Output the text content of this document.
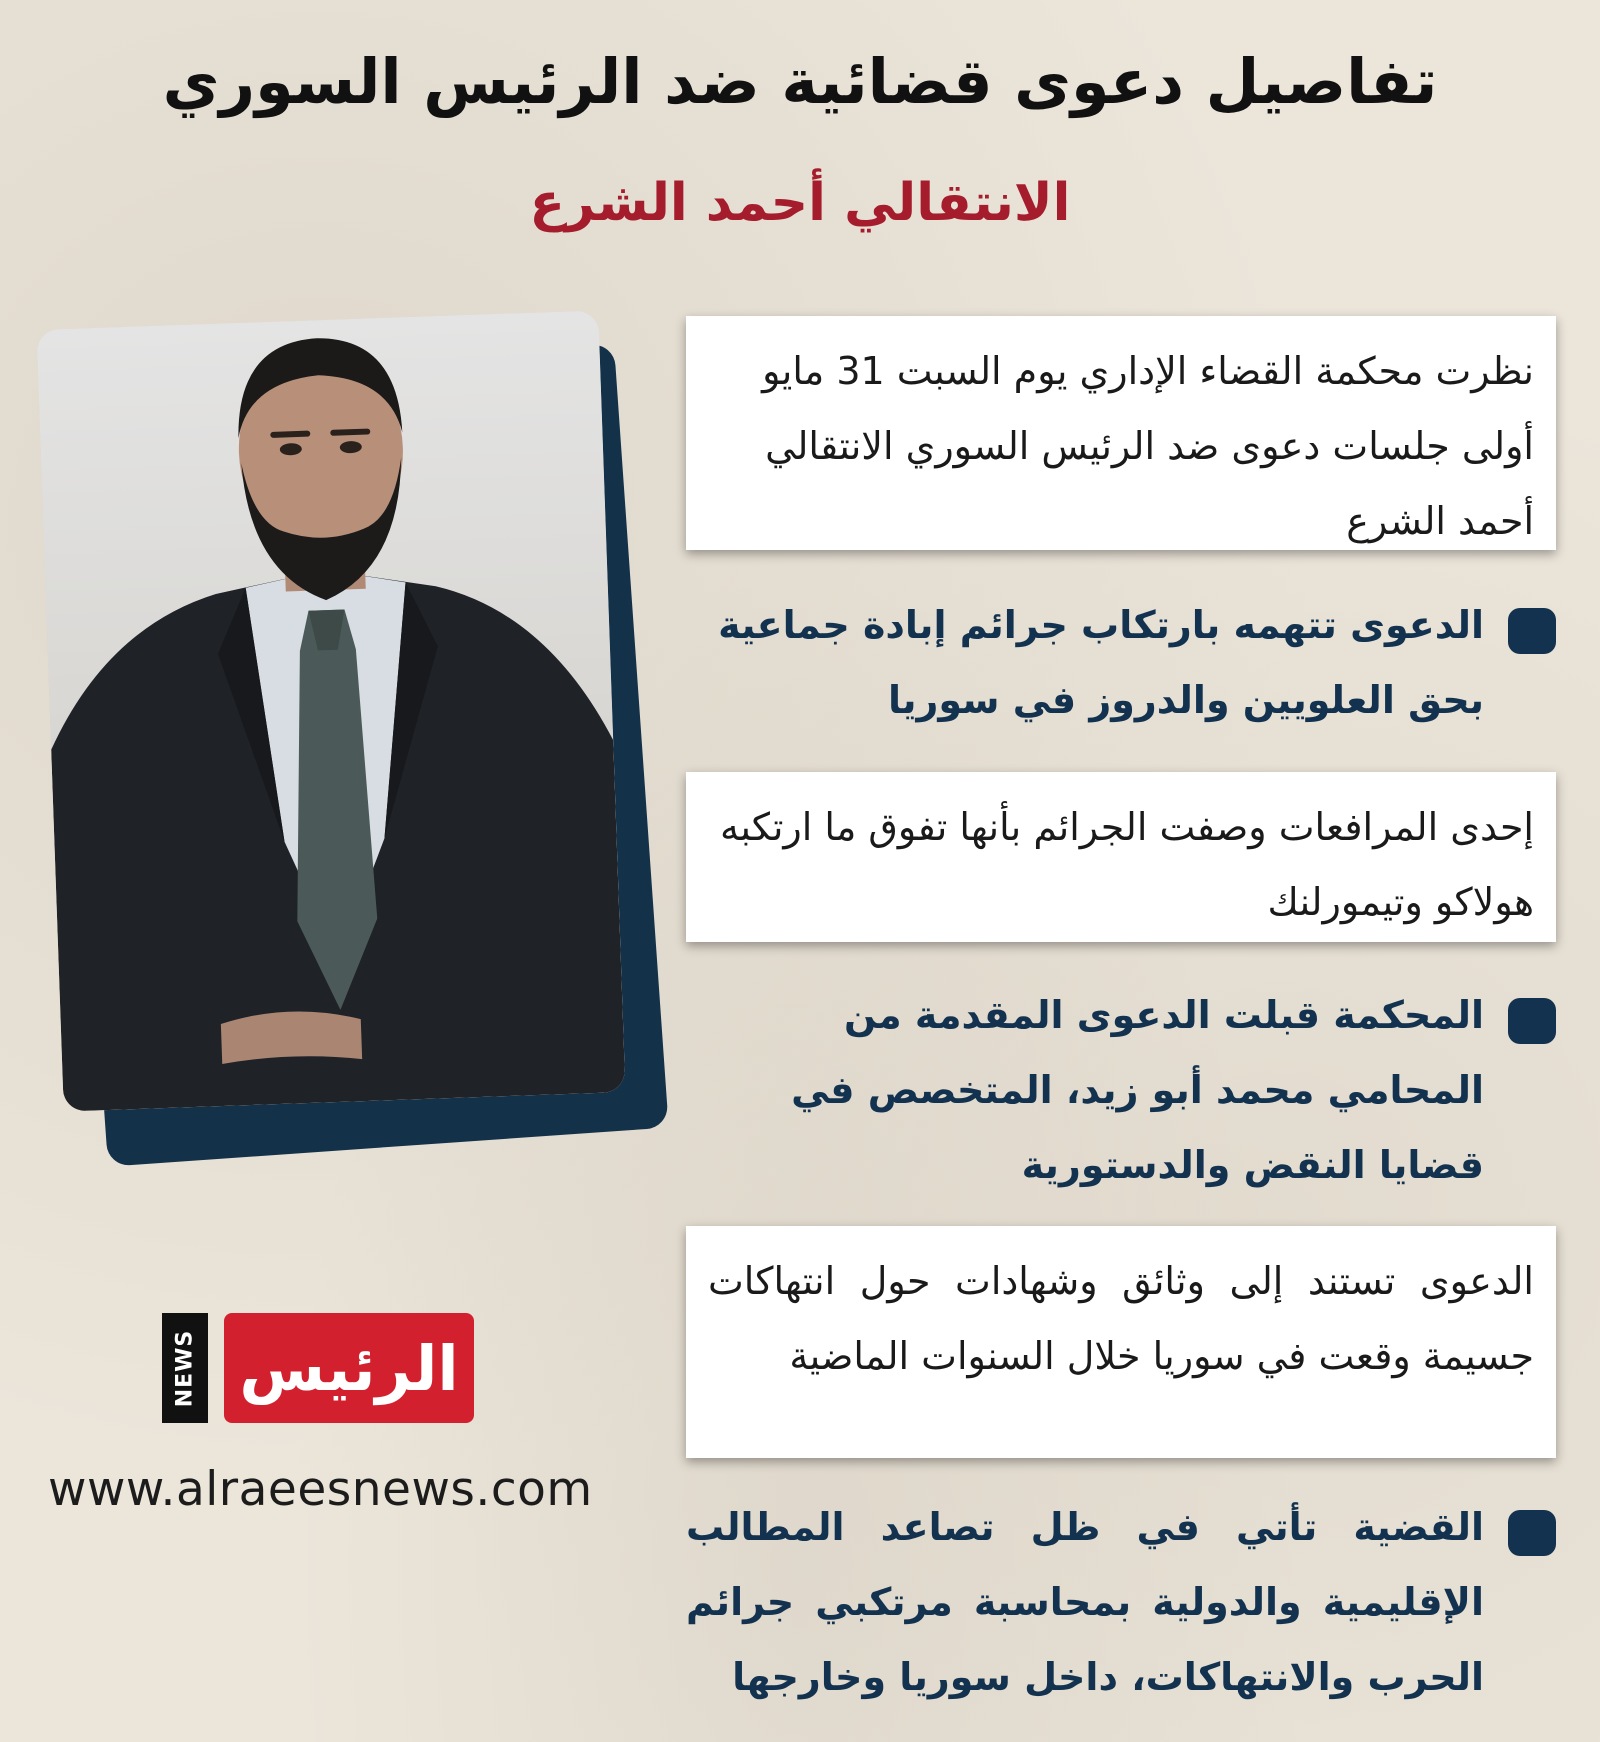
تفاصيل دعوى قضائية ضد الرئيس السوري
الانتقالي أحمد الشرع
NEWS الرئيس
www.alraeesnews.com
نظرت محكمة القضاء الإداري يوم السبت 31 مايو أولى جلسات دعوى ضد الرئيس السوري الانتقالي أحمد الشرع
الدعوى تتهمه بارتكاب جرائم إبادة جماعية بحق العلويين والدروز في سوريا
إحدى المرافعات وصفت الجرائم بأنها تفوق ما ارتكبه هولاكو وتيمورلنك
المحكمة قبلت الدعوى المقدمة من المحامي محمد أبو زيد، المتخصص في قضايا النقض والدستورية
الدعوى تستند إلى وثائق وشهادات حول انتهاكات جسيمة وقعت في سوريا خلال السنوات الماضية
القضية تأتي في ظل تصاعد المطالب الإقليمية والدولية بمحاسبة مرتكبي جرائم الحرب والانتهاكات، داخل سوريا وخارجها
